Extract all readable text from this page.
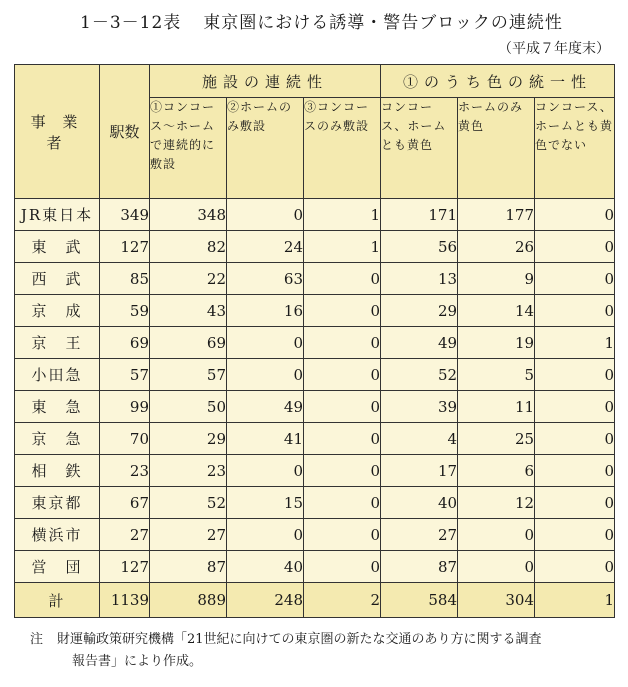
1－3－12表 東京圏における誘導・警告ブロックの連続性
（平成７年度末）
事 業 者	駅数	施設の連続性			①のうち色の統一性		
		①コンコース～ホームで連続的に敷設	②ホームのみ敷設	③コンコースのみ敷設	コンコース、ホームとも黄色	ホームのみ黄色	コンコース、ホームとも黄色でない
JR東日本	349	348	0	1	171	177	0
東　武	127	82	24	1	56	26	0
西　武	85	22	63	0	13	9	0
京　成	59	43	16	0	29	14	0
京　王	69	69	0	0	49	19	1
小田急	57	57	0	0	52	5	0
東　急	99	50	49	0	39	11	0
京　急	70	29	41	0	4	25	0
相　鉄	23	23	0	0	17	6	0
東京都	67	52	15	0	40	12	0
横浜市	27	27	0	0	27	0	0
営　団	127	87	40	0	87	0	0
計	1139	889	248	2	584	304	1
注 財運輸政策研究機構「21世紀に向けての東京圏の新たな交通のあり方に関する調査
報告書」により作成。
